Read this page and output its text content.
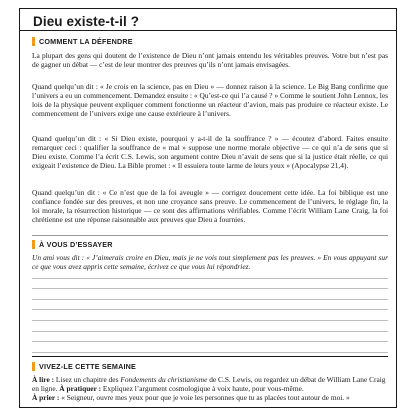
Dieu existe-t-il ?
COMMENT LA DÉFENDRE

La plupart des gens qui doutent de l’existence de Dieu n’ont jamais entendu les véritables preuves. Votre but n’est pas de gagner un débat — c’est de leur montrer des preuves qu’ils n’ont jamais envisagées.

Quand quelqu’un dit : « Je crois en la science, pas en Dieu » — donnez raison à la science. Le Big Bang confirme que l’univers a eu un commencement. Demandez ensuite : « Qu’est-ce qui l’a causé ? » Comme le soutient John Lennox, les lois de la physique peuvent expliquer comment fonctionne un réacteur d’avion, mais pas produire ce réacteur existe. Le commencement de l’univers exige une cause extérieure à l’univers.

Quand quelqu’un dit : « Si Dieu existe, pourquoi y a-t-il de la souffrance ? » — écoutez d’abord. Faites ensuite remarquer ceci : qualifier la souffrance de « mal » suppose une norme morale objective — ce qui n’a de sens que si Dieu existe. Comme l’a écrit C.S. Lewis, son argument contre Dieu n’avait de sens que si la justice était réelle, ce qui exigeait l’existence de Dieu. La Bible promet : « Il essuiera toute larme de leurs yeux » (Apocalypse 21,4).

Quand quelqu’un dit : « Ce n’est que de la foi aveugle » — corrigez doucement cette idée. La foi biblique est une confiance fondée sur des preuves, et non une croyance sans preuve. Le commencement de l’univers, le réglage fin, la loi morale, la résurrection historique — ce sont des affirmations vérifiables. Comme l’écrit William Lane Craig, la foi chrétienne est une réponse raisonnable aux preuves que Dieu a fournies.

À VOUS D’ESSAYER
Un ami vous dit : « J’aimerais croire en Dieu, mais je ne vois tout simplement pas les preuves. » En vous appuyant sur ce que vous avez appris cette semaine, écrivez ce que vous lui répondriez.
VIVEZ-LE CETTE SEMAINE

À lire : Lisez un chapitre des Fondements du christianisme de C.S. Lewis, ou regardez un débat de William Lane Craig en ligne. À pratiquer : Expliquez l’argument cosmologique à voix haute, pour vous-même.

À prier : « Seigneur, ouvre mes yeux pour que je voie les personnes que tu as placées tout autour de moi. »
